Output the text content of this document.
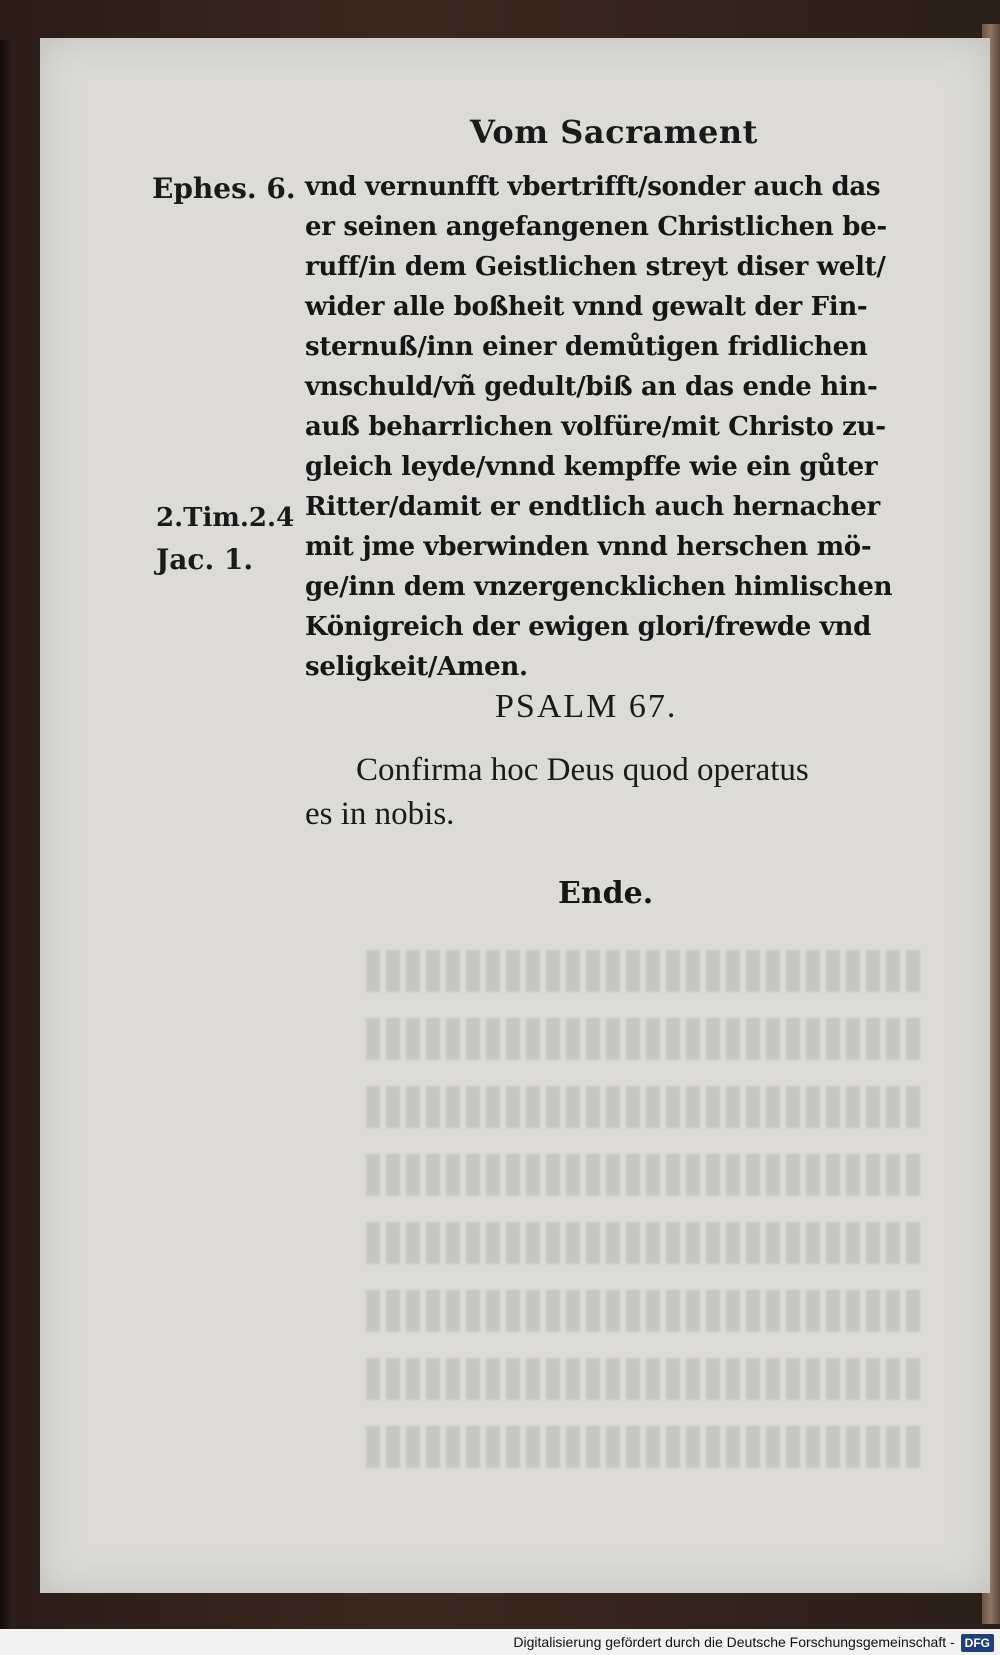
Vom Sacrament
Ephes. 6.
2.Tim.2.4
Jac. 1.
vnd vernunfft vbertrifft/sonder auch das
er seinen angefangenen Christlichen be-
ruff/in dem Geistlichen streyt diser welt/
wider alle boßheit vnnd gewalt der Fin-
sternuß/inn einer demůtigen fridlichen
vnschuld/vñ gedult/biß an das ende hin-
auß beharrlichen volfüre/mit Christo zu-
gleich leyde/vnnd kempffe wie ein gůter
Ritter/damit er endtlich auch hernacher
mit jme vberwinden vnnd herschen mö-
ge/inn dem vnzergencklichen himlischen
Königreich der ewigen glori/frewde vnd
seligkeit/Amen.
PSALM 67.
Confirma hoc Deus quod operatus
es in nobis.
Ende.
Digitalisierung gefördert durch die Deutsche Forschungsgemeinschaft - DFG
